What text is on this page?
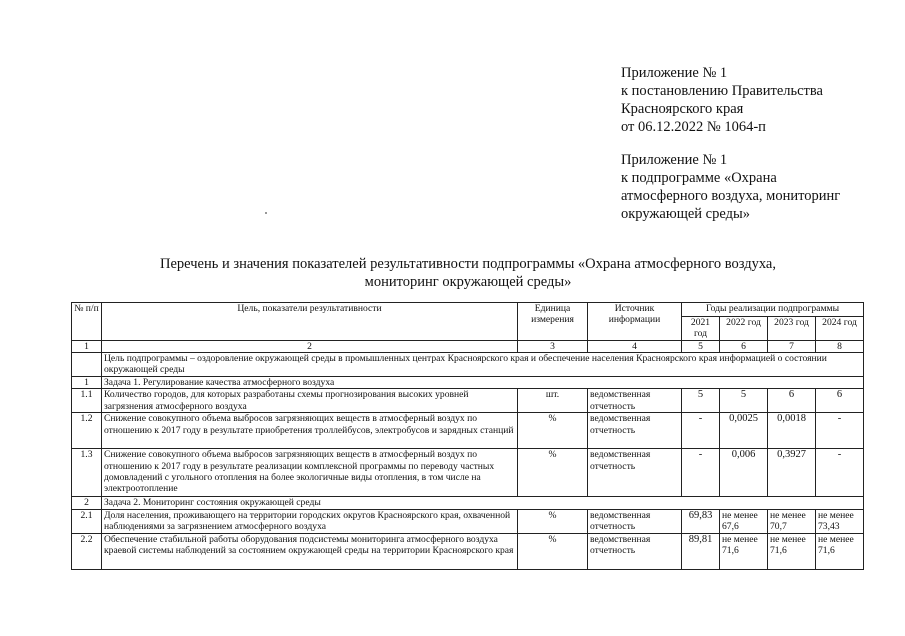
Приложение № 1
к постановлению Правительства
Красноярского края
от 06.12.2022 № 1064-п
Приложение № 1
к подпрограмме «Охрана
атмосферного воздуха, мониторинг
окружающей среды»
Перечень и значения показателей результативности подпрограммы «Охрана атмосферного воздуха,
мониторинг окружающей среды»
№ п/п	Цель, показатели результативности	Единица измерения	Источник информации	Годы реализации подпрограммы			
				2021 год	2022 год	2023 год	2024 год
1	2	3	4	5	6	7	8
	Цель подпрограммы – оздоровление окружающей среды в промышленных центрах Красноярского края и обеспечение населения Красноярского края информацией о состоянии окружающей среды						
1	Задача 1. Регулирование качества атмосферного воздуха						
1.1	Количество городов, для которых разработаны схемы прогнозирования высоких уровней загрязнения атмосферного воздуха	шт.	ведомственная отчетность	5	5	6	6
1.2	Снижение совокупного объема выбросов загрязняющих веществ в атмосферный воздух по отношению к 2017 году в результате приобретения троллейбусов, электробусов и зарядных станций	%	ведомственная отчетность	-	0,0025	0,0018	-
1.3	Снижение совокупного объема выбросов загрязняющих веществ в атмосферный воздух по отношению к 2017 году в результате реализации комплексной программы по переводу частных домовладений с угольного отопления на более экологичные виды отопления, в том числе на электроотопление	%	ведомственная отчетность	-	0,006	0,3927	-
2	Задача 2. Мониторинг состояния окружающей среды						
2.1	Доля населения, проживающего на территории городских округов Красноярского края, охваченной наблюдениями за загрязнением атмосферного воздуха	%	ведомственная отчетность	69,83	не менее 67,6	не менее 70,7	не менее 73,43
2.2	Обеспечение стабильной работы оборудования подсистемы мониторинга атмосферного воздуха краевой системы наблюдений за состоянием окружающей среды на территории Красноярского края	%	ведомственная отчетность	89,81	не менее 71,6	не менее 71,6	не менее 71,6
